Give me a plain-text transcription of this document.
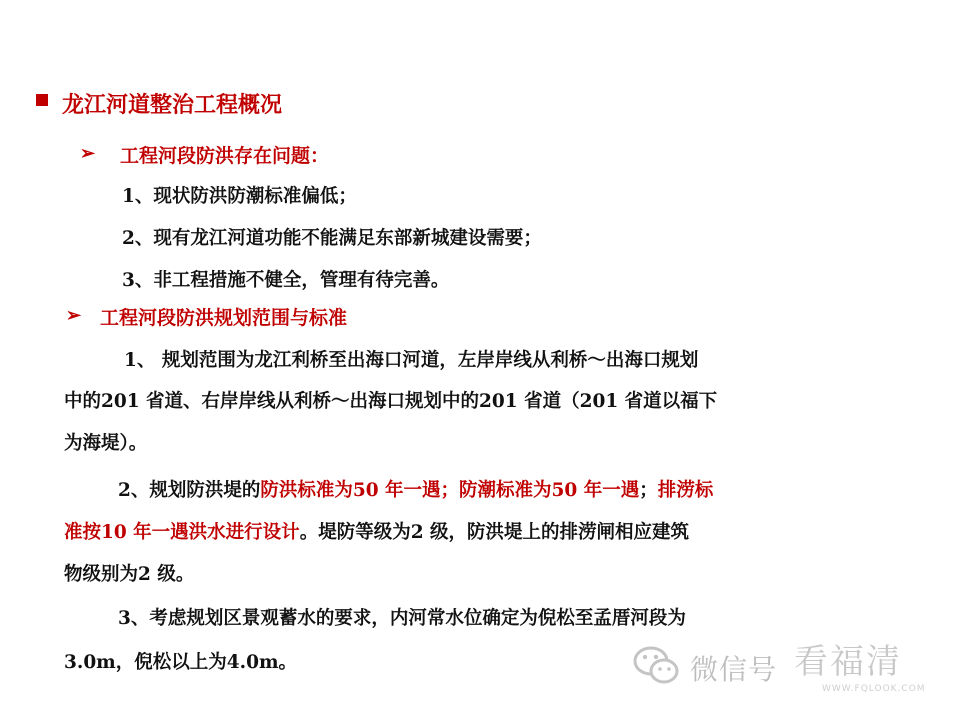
龙江河道整治工程概况
➢ 工程河段防洪存在问题：
1、现状防洪防潮标准偏低；
2、现有龙江河道功能不能满足东部新城建设需要；
3、非工程措施不健全，管理有待完善。
➢ 工程河段防洪规划范围与标准
1、 规划范围为龙江利桥至出海口河道，左岸岸线从利桥～出海口规划
中的201 省道、右岸岸线从利桥～出海口规划中的201 省道（201 省道以福下
为海堤）。
2、规划防洪堤的防洪标准为50 年一遇；防潮标准为50 年一遇；排涝标
准按10 年一遇洪水进行设计。堤防等级为2 级，防洪堤上的排涝闸相应建筑
物级别为2 级。
3、考虑规划区景观蓄水的要求，内河常水位确定为倪松至孟厝河段为
3.0m，倪松以上为4.0m。	微信号 看福清
WWW.FQLOOK.COM
